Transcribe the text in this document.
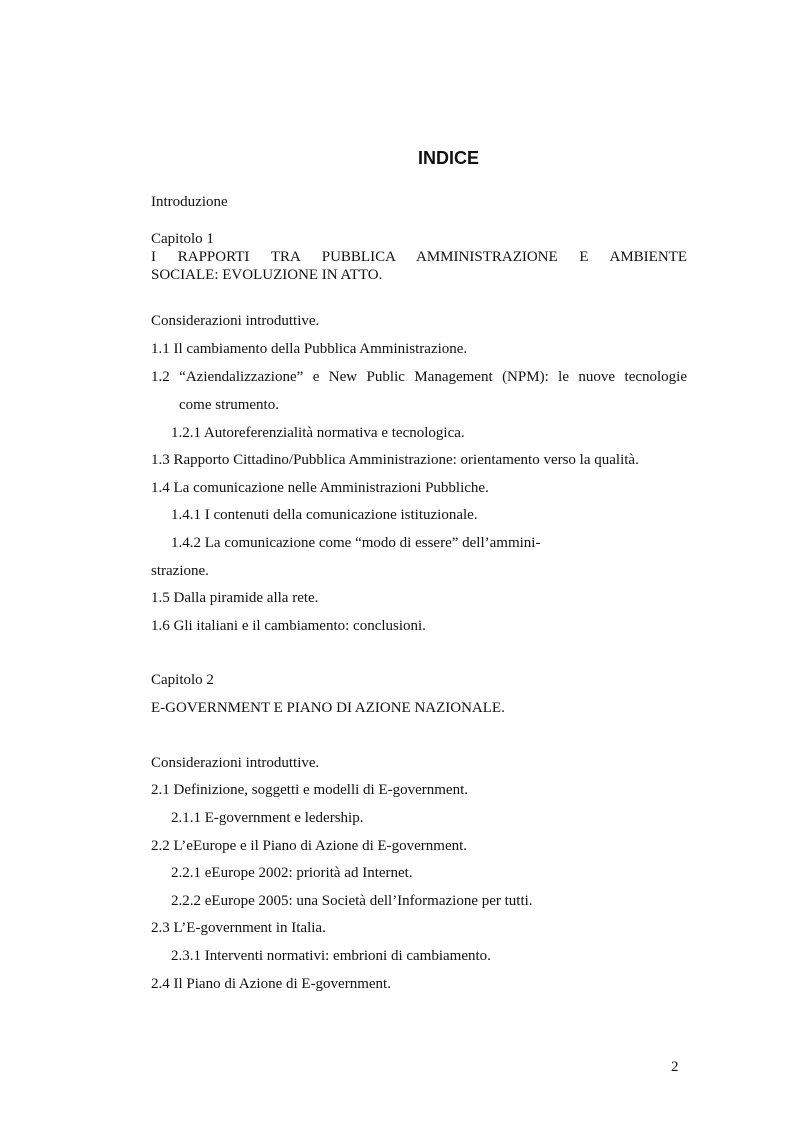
INDICE
Introduzione
Capitolo 1
I RAPPORTI TRA PUBBLICA AMMINISTRAZIONE E AMBIENTE
SOCIALE: EVOLUZIONE IN ATTO.
Considerazioni introduttive.
1.1 Il cambiamento della Pubblica Amministrazione.
1.2 “Aziendalizzazione” e New Public Management (NPM): le nuove tecnologie
come strumento.
1.2.1 Autoreferenzialità normativa e tecnologica.
1.3 Rapporto Cittadino/Pubblica Amministrazione: orientamento verso la qualità.
1.4 La comunicazione nelle Amministrazioni Pubbliche.
1.4.1 I contenuti della comunicazione istituzionale.
1.4.2 La comunicazione come “modo di essere” dell’ammini-
strazione.
1.5 Dalla piramide alla rete.
1.6 Gli italiani e il cambiamento: conclusioni.
Capitolo 2
E-GOVERNMENT E PIANO DI AZIONE NAZIONALE.
Considerazioni introduttive.
2.1 Definizione, soggetti e modelli di E-government.
2.1.1 E-government e ledership.
2.2 L’eEurope e il Piano di Azione di E-government.
2.2.1 eEurope 2002: priorità ad Internet.
2.2.2 eEurope 2005: una Società dell’Informazione per tutti.
2.3 L’E-government in Italia.
2.3.1 Interventi normativi: embrioni di cambiamento.
2.4 Il Piano di Azione di E-government.
2
